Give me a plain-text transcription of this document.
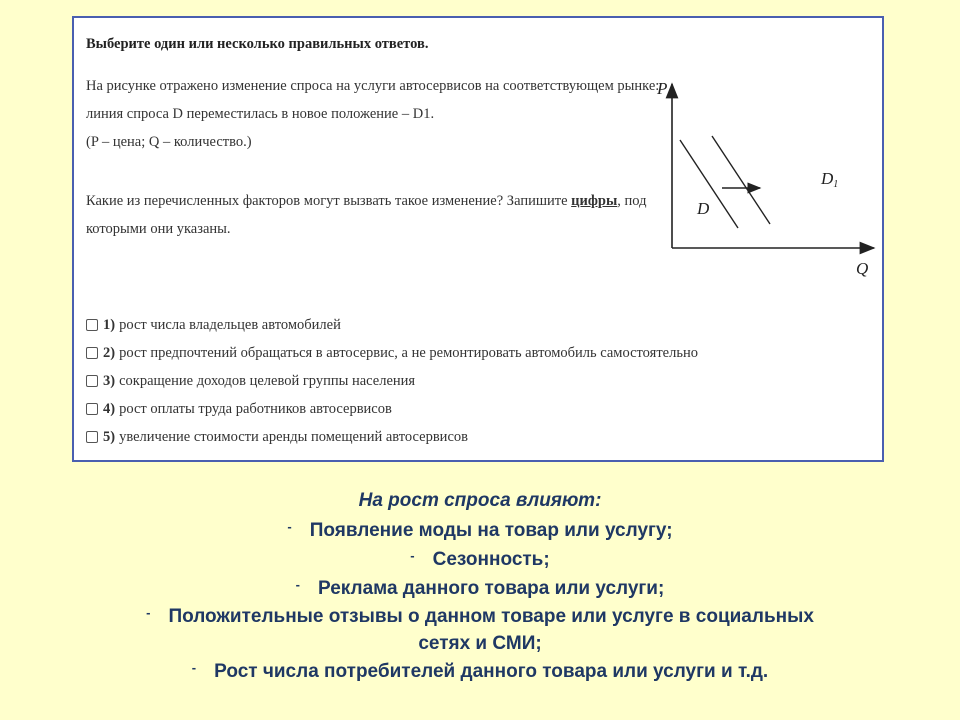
Выберите один или несколько правильных ответов.
На рисунке отражено изменение спроса на услуги автосервисов на соответствующем рынке:
линия спроса D переместилась в новое положение – D1.
(P – цена; Q – количество.)
Какие из перечисленных факторов могут вызвать такое изменение? Запишите цифры, под
которыми они указаны.
1) рост числа владельцев автомобилей
2) рост предпочтений обращаться в автосервис, а не ремонтировать автомобиль самостоятельно
3) сокращение доходов целевой группы населения
4) рост оплаты труда работников автосервисов
5) увеличение стоимости аренды помещений автосервисов
P
Q
D
D1
На рост спроса влияют:
- Появление моды на товар или услугу;
- Сезонность;
- Реклама данного товара или услуги;
- Положительные отзывы о данном товаре или услуге в социальных
сетях и СМИ;
- Рост числа потребителей данного товара или услуги и т.д.
